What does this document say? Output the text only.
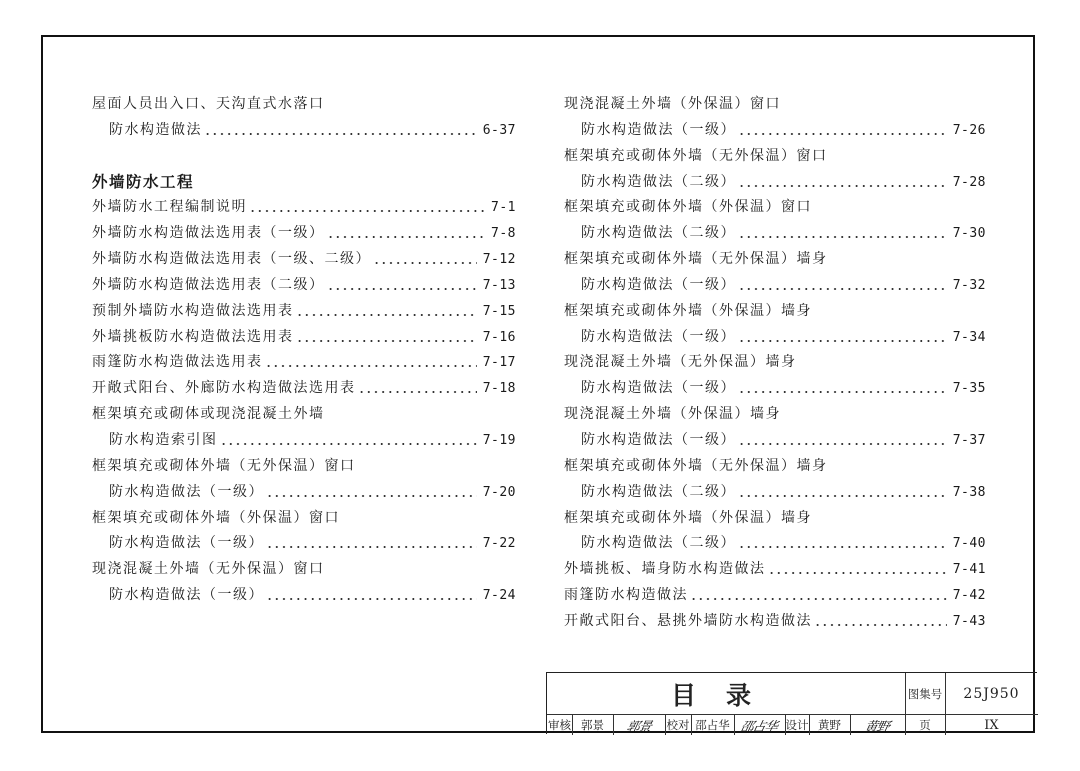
屋面人员出入口、天沟直式水落口
防水构造做法	6-37
外墙防水工程
外墙防水工程编制说明	7-1
外墙防水构造做法选用表（一级）	7-8
外墙防水构造做法选用表（一级、二级）	7-12
外墙防水构造做法选用表（二级）	7-13
预制外墙防水构造做法选用表	7-15
外墙挑板防水构造做法选用表	7-16
雨篷防水构造做法选用表	7-17
开敞式阳台、外廊防水构造做法选用表	7-18
框架填充或砌体或现浇混凝土外墙
防水构造索引图	7-19
框架填充或砌体外墙（无外保温）窗口
防水构造做法（一级）	7-20
框架填充或砌体外墙（外保温）窗口
防水构造做法（一级）	7-22
现浇混凝土外墙（无外保温）窗口
防水构造做法（一级）	7-24
现浇混凝土外墙（外保温）窗口
防水构造做法（一级）	7-26
框架填充或砌体外墙（无外保温）窗口
防水构造做法（二级）	7-28
框架填充或砌体外墙（外保温）窗口
防水构造做法（二级）	7-30
框架填充或砌体外墙（无外保温）墙身
防水构造做法（一级）	7-32
框架填充或砌体外墙（外保温）墙身
防水构造做法（一级）	7-34
现浇混凝土外墙（无外保温）墙身
防水构造做法（一级）	7-35
现浇混凝土外墙（外保温）墙身
防水构造做法（一级）	7-37
框架填充或砌体外墙（无外保温）墙身
防水构造做法（二级）	7-38
框架填充或砌体外墙（外保温）墙身
防水构造做法（二级）	7-40
外墙挑板、墙身防水构造做法	7-41
雨篷防水构造做法	7-42
开敞式阳台、悬挑外墙防水构造做法	7-43
目录	图集号	25J950
审核 郭景	郭景 校对 邵占华 邵占华 设计 黄野	黄野	页	IX
